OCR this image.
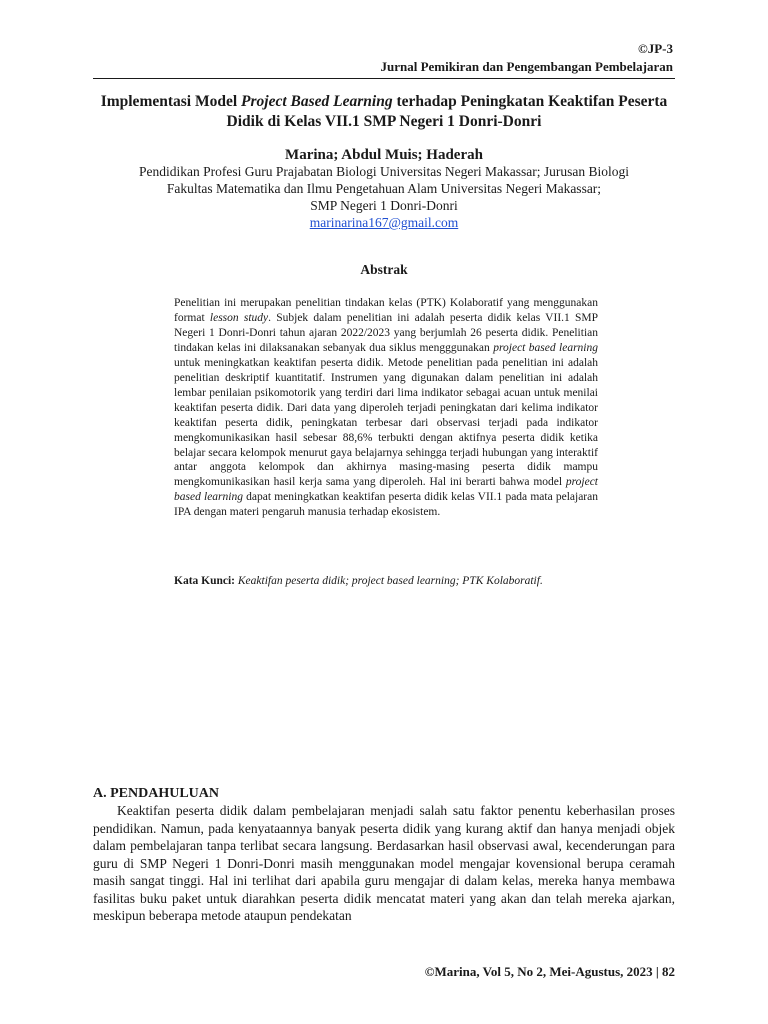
©JP-3
Jurnal Pemikiran dan Pengembangan Pembelajaran
Implementasi Model Project Based Learning terhadap Peningkatan Keaktifan Peserta Didik di Kelas VII.1 SMP Negeri 1 Donri-Donri
Marina; Abdul Muis; Haderah
Pendidikan Profesi Guru Prajabatan Biologi Universitas Negeri Makassar; Jurusan Biologi
Fakultas Matematika dan Ilmu Pengetahuan Alam Universitas Negeri Makassar;
SMP Negeri 1 Donri-Donri
marinarina167@gmail.com
Abstrak

Penelitian ini merupakan penelitian tindakan kelas (PTK) Kolaboratif yang menggunakan format lesson study. Subjek dalam penelitian ini adalah peserta didik kelas VII.1 SMP Negeri 1 Donri-Donri tahun ajaran 2022/2023 yang berjumlah 26 peserta didik. Penelitian tindakan kelas ini dilaksanakan sebanyak dua siklus mengggunakan project based learning untuk meningkatkan keaktifan peserta didik. Metode penelitian pada penelitian ini adalah penelitian deskriptif kuantitatif. Instrumen yang digunakan dalam penelitian ini adalah lembar penilaian psikomotorik yang terdiri dari lima indikator sebagai acuan untuk menilai keaktifan peserta didik. Dari data yang diperoleh terjadi peningkatan dari kelima indikator keaktifan peserta didik, peningkatan terbesar dari observasi terjadi pada indikator mengkomunikasikan hasil sebesar 88,6% terbukti dengan aktifnya peserta didik ketika belajar secara kelompok menurut gaya belajarnya sehingga terjadi hubungan yang interaktif antar anggota kelompok dan akhirnya masing-masing peserta didik mampu mengkomunikasikan hasil kerja sama yang diperoleh. Hal ini berarti bahwa model project based learning dapat meningkatkan keaktifan peserta didik kelas VII.1 pada mata pelajaran IPA dengan materi pengaruh manusia terhadap ekosistem.

Kata Kunci: Keaktifan peserta didik; project based learning; PTK Kolaboratif.
A. PENDAHULUAN

Keaktifan peserta didik dalam pembelajaran menjadi salah satu faktor penentu keberhasilan proses pendidikan. Namun, pada kenyataannya banyak peserta didik yang kurang aktif dan hanya menjadi objek dalam pembelajaran tanpa terlibat secara langsung. Berdasarkan hasil observasi awal, kecenderungan para guru di SMP Negeri 1 Donri-Donri masih menggunakan model mengajar kovensional berupa ceramah masih sangat tinggi. Hal ini terlihat dari apabila guru mengajar di dalam kelas, mereka hanya membawa fasilitas buku paket untuk diarahkan peserta didik mencatat materi yang akan dan telah mereka ajarkan, meskipun beberapa metode ataupun pendekatan

©Marina, Vol 5, No 2, Mei-Agustus, 2023 | 82
